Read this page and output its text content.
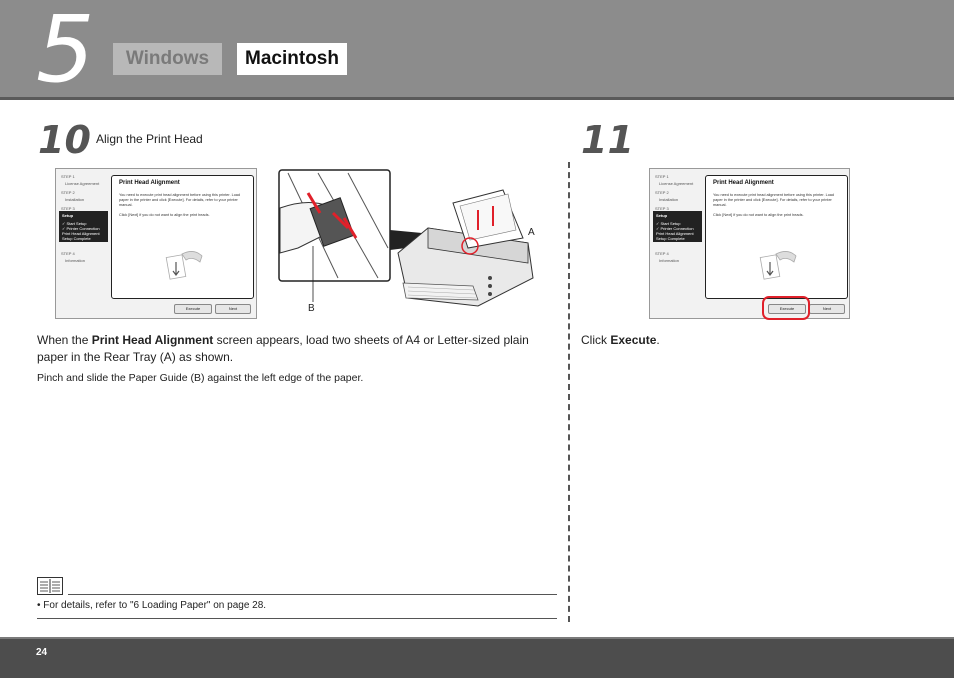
5	Windows	Macintosh
10 Align the Print Head
STEP 1
License Agreement
STEP 2
Installation
STEP 3
Setup
✓ Start Setup
✓ Printer Connection
Print Head Alignment
Setup Complete
STEP 4
Information
Print Head Alignment
You need to execute print head alignment before using this printer. Load paper in the printer and click [Execute]. For details, refer to your printer manual.

Click [Next] if you do not want to align the print heads.
Execute	Next
A
B
When the Print Head Alignment screen appears, load two sheets of A4 or Letter-sized plain paper in the Rear Tray (A) as shown.
Pinch and slide the Paper Guide (B) against the left edge of the paper.
• For details, refer to "6 Loading Paper" on page 28.
11
STEP 1
License Agreement
STEP 2
Installation
STEP 3
Setup
✓ Start Setup
✓ Printer Connection
Print Head Alignment
Setup Complete
STEP 4
Information
Print Head Alignment
You need to execute print head alignment before using this printer. Load paper in the printer and click [Execute]. For details, refer to your printer manual.

Click [Next] if you do not want to align the print heads.
Execute	Next
Click Execute.
24
